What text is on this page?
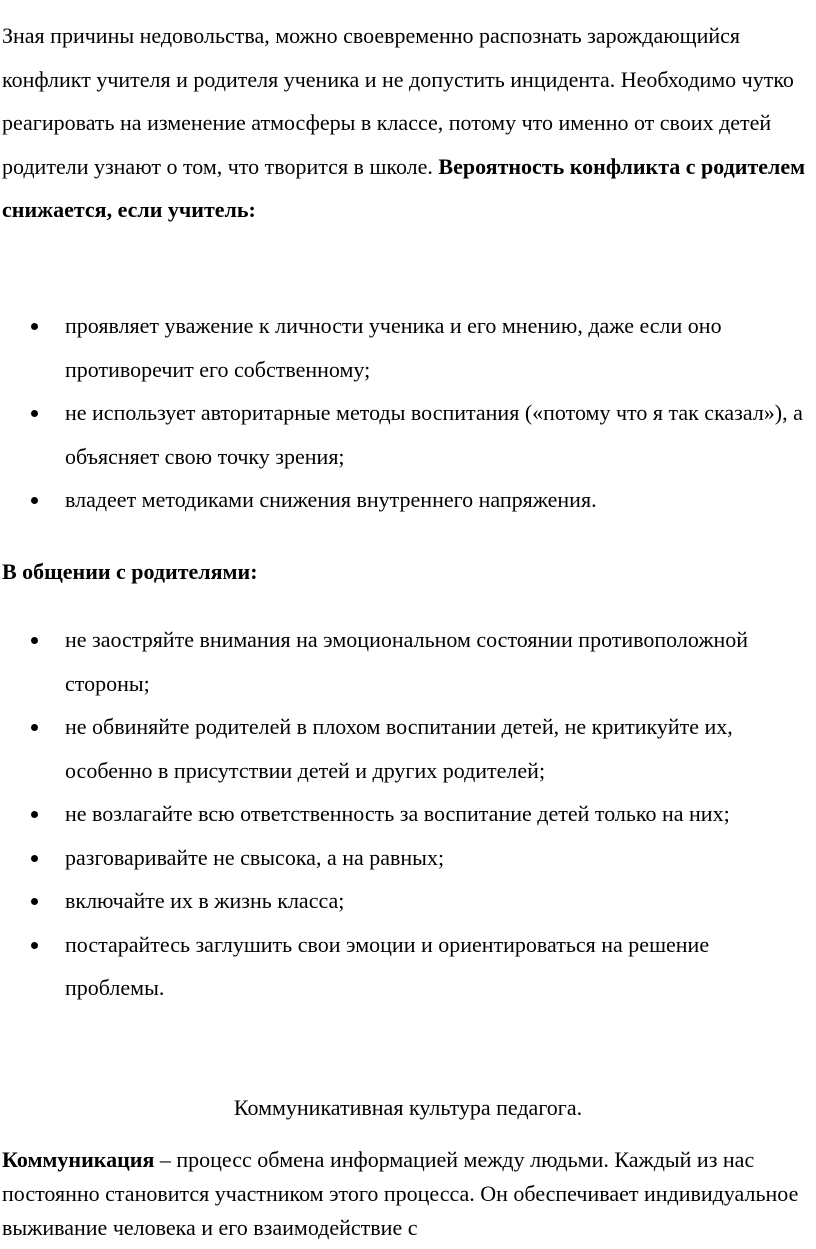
Зная причины недовольства, можно своевременно распознать зарождающийся конфликт учителя и родителя ученика и не допустить инцидента. Необходимо чутко реагировать на изменение атмосферы в классе, потому что именно от своих детей родители узнают о том, что творится в школе. Вероятность конфликта с родителем снижается, если учитель:

проявляет уважение к личности ученика и его мнению, даже если оно противоречит его собственному;
не использует авторитарные методы воспитания («потому что я так сказал»), а объясняет свою точку зрения;
владеет методиками снижения внутреннего напряжения.

В общении с родителями:

не заостряйте внимания на эмоциональном состоянии противоположной стороны;
не обвиняйте родителей в плохом воспитании детей, не критикуйте их, особенно в присутствии детей и других родителей;
не возлагайте всю ответственность за воспитание детей только на них;
разговаривайте не свысока, а на равных;
включайте их в жизнь класса;
постарайтесь заглушить свои эмоции и ориентироваться на решение проблемы.

Коммуникативная культура педагога.

Коммуникация – процесс обмена информацией между людьми. Каждый из нас постоянно становится участником этого процесса. Он обеспечивает индивидуальное выживание человека и его взаимодействие с
